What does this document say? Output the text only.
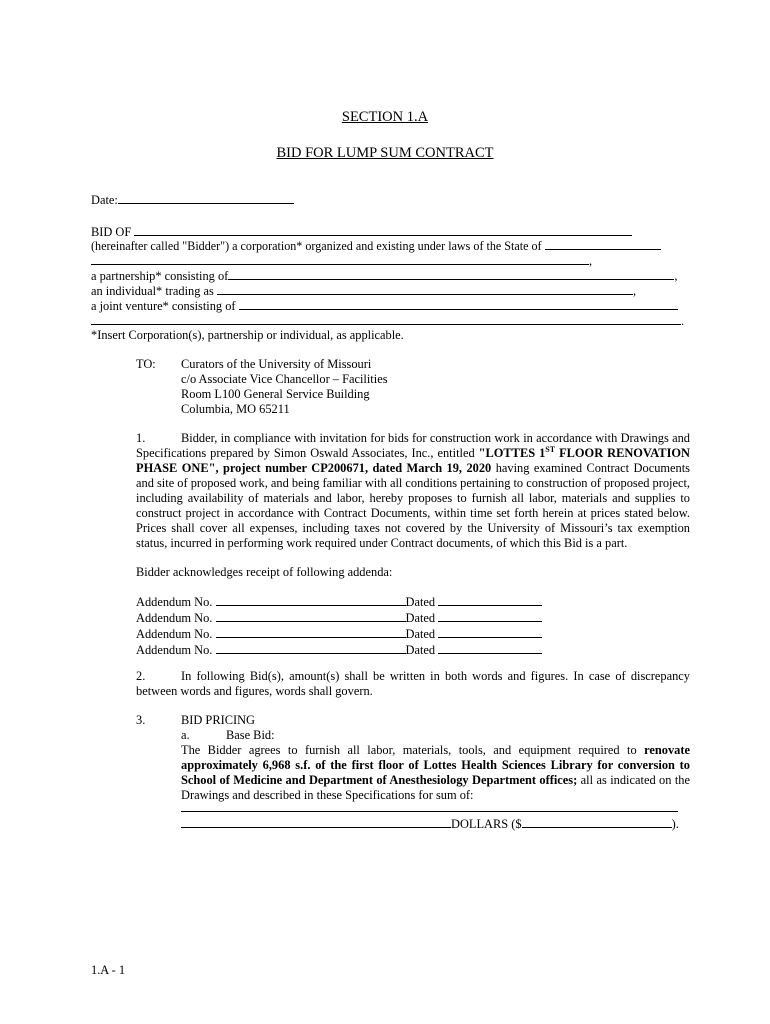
SECTION 1.A
BID FOR LUMP SUM CONTRACT
Date:
BID OF
(hereinafter called "Bidder") a corporation* organized and existing under laws of the State of
,
a partnership* consisting of	,
an individual* trading as	,
a joint venture* consisting of
.
*Insert Corporation(s), partnership or individual, as applicable.
TO: Curators of the University of Missouri
c/o Associate Vice Chancellor – Facilities
Room L100 General Service Building
Columbia, MO 65211
1.	Bidder, in compliance with invitation for bids for construction work in accordance with Drawings and Specifications prepared by Simon Oswald Associates, Inc., entitled "LOTTES 1ST FLOOR RENOVATION PHASE ONE", project number CP200671, dated March 19, 2020 having examined Contract Documents and site of proposed work, and being familiar with all conditions pertaining to construction of proposed project, including availability of materials and labor, hereby proposes to furnish all labor, materials and supplies to construct project in accordance with Contract Documents, within time set forth herein at prices stated below. Prices shall cover all expenses, including taxes not covered by the University of Missouri’s tax exemption status, incurred in performing work required under Contract documents, of which this Bid is a part.
Bidder acknowledges receipt of following addenda:
Addendum No.	Dated
Addendum No.	Dated
Addendum No.	Dated
Addendum No.	Dated
2.	In following Bid(s), amount(s) shall be written in both words and figures. In case of discrepancy between words and figures, words shall govern.
3.	BID PRICING
a.	Base Bid:
The Bidder agrees to furnish all labor, materials, tools, and equipment required to renovate approximately 6,968 s.f. of the first floor of Lottes Health Sciences Library for conversion to School of Medicine and Department of Anesthesiology Department offices; all as indicated on the Drawings and described in these Specifications for sum of:
DOLLARS ($	).
1.A - 1
